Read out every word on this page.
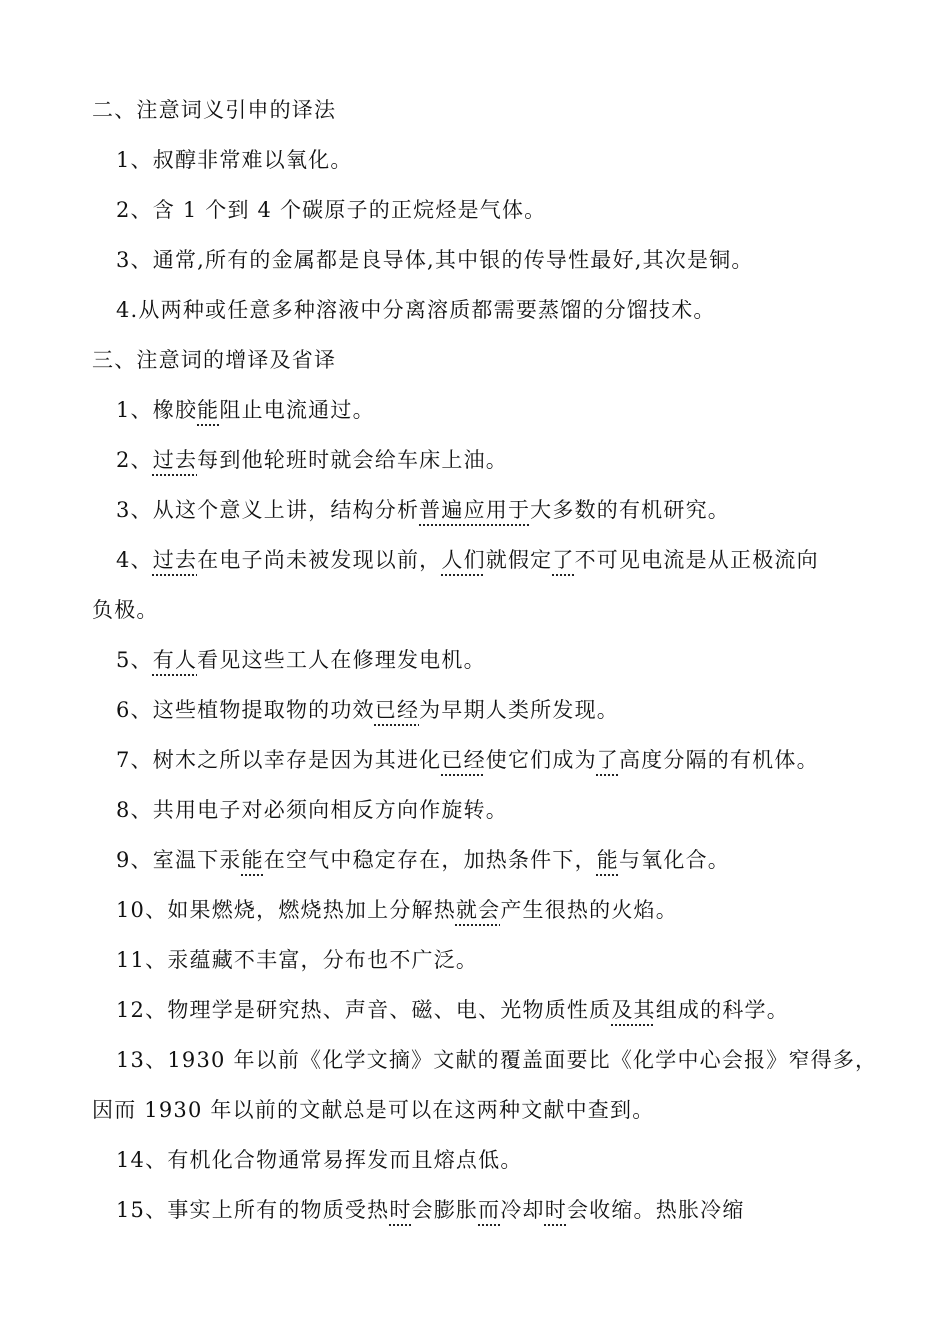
二、注意词义引申的译法
1、叔醇非常难以氧化。
2、含 1 个到 4 个碳原子的正烷烃是气体。
3、通常,所有的金属都是良导体,其中银的传导性最好,其次是铜。
4.从两种或任意多种溶液中分离溶质都需要蒸馏的分馏技术。
三、注意词的增译及省译
1、橡胶能阻止电流通过。
2、过去每到他轮班时就会给车床上油。
3、从这个意义上讲，结构分析普遍应用于大多数的有机研究。
4、过去在电子尚未被发现以前，人们就假定了不可见电流是从正极流向
负极。
5、有人看见这些工人在修理发电机。
6、这些植物提取物的功效已经为早期人类所发现。
7、树木之所以幸存是因为其进化已经使它们成为了高度分隔的有机体。
8、共用电子对必须向相反方向作旋转。
9、室温下汞能在空气中稳定存在，加热条件下，能与氧化合。
10、如果燃烧，燃烧热加上分解热就会产生很热的火焰。
11、汞蕴藏不丰富，分布也不广泛。
12、物理学是研究热、声音、磁、电、光物质性质及其组成的科学。
13、1930 年以前《化学文摘》文献的覆盖面要比《化学中心会报》窄得多，
因而 1930 年以前的文献总是可以在这两种文献中查到。
14、有机化合物通常易挥发而且熔点低。
15、事实上所有的物质受热时会膨胀而冷却时会收缩。热胀冷缩
